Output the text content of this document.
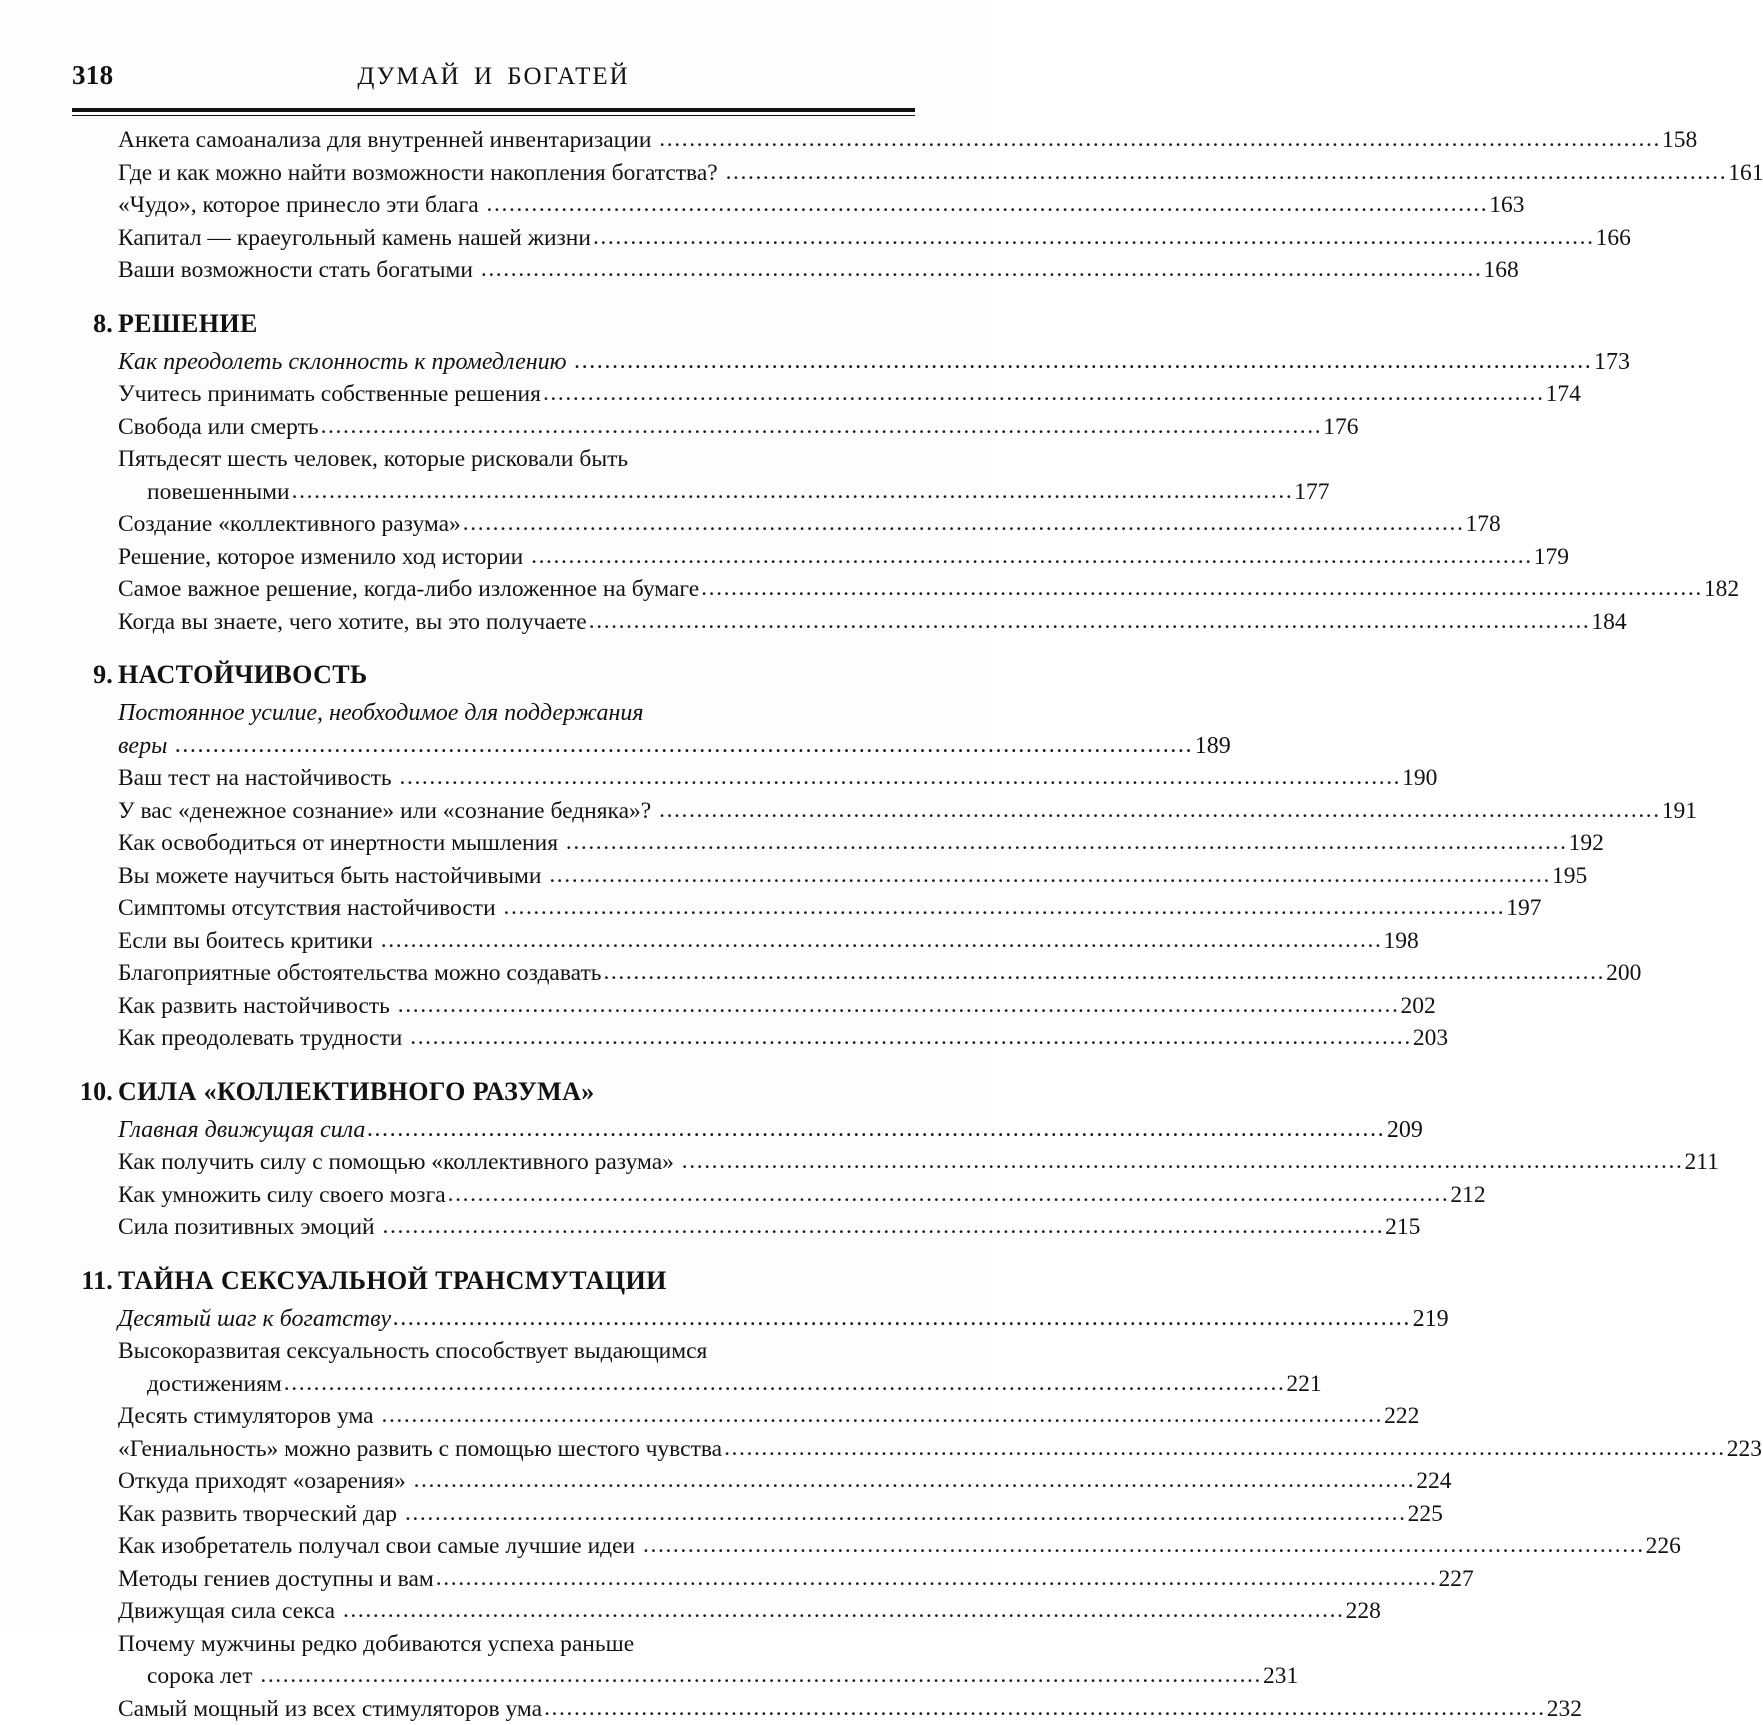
318	ДУМАЙ И БОГАТЕЙ
Анкета самоанализа для внутренней инвентаризации .....	158
Где и как можно найти возможности накопления богатства? .....	161
«Чудо», которое принесло эти блага .....	163
Капитал — краеугольный камень нашей жизни .....	166
Ваши возможности стать богатыми .....	168
8. РЕШЕНИЕ
Как преодолеть склонность к промедлению .....	173
Учитесь принимать собственные решения .....	174
Свобода или смерть .....	176
Пятьдесят шесть человек, которые рисковали быть
повешенными .....	177
Создание «коллективного разума» .....	178
Решение, которое изменило ход истории .....	179
Самое важное решение, когда-либо изложенное на бумаге .....	182
Когда вы знаете, чего хотите, вы это получаете .....	184
9. НАСТОЙЧИВОСТЬ
Постоянное усилие, необходимое для поддержания
веры .....	189
Ваш тест на настойчивость .....	190
У вас «денежное сознание» или «сознание бедняка»? .....	191
Как освободиться от инертности мышления .....	192
Вы можете научиться быть настойчивыми .....	195
Симптомы отсутствия настойчивости .....	197
Если вы боитесь критики .....	198
Благоприятные обстоятельства можно создавать .....	200
Как развить настойчивость .....	202
Как преодолевать трудности .....	203
10. СИЛА «КОЛЛЕКТИВНОГО РАЗУМА»
Главная движущая сила .....	209
Как получить силу с помощью «коллективного разума» .....	211
Как умножить силу своего мозга .....	212
Сила позитивных эмоций .....	215
11. ТАЙНА СЕКСУАЛЬНОЙ ТРАНСМУТАЦИИ
Десятый шаг к богатству .....	219
Высокоразвитая сексуальность способствует выдающимся
достижениям .....	221
Десять стимуляторов ума .....	222
«Гениальность» можно развить с помощью шестого чувства .....	223
Откуда приходят «озарения» .....	224
Как развить творческий дар .....	225
Как изобретатель получал свои самые лучшие идеи .....	226
Методы гениев доступны и вам .....	227
Движущая сила секса .....	228
Почему мужчины редко добиваются успеха раньше
сорока лет .....	231
Самый мощный из всех стимуляторов ума .....	232
